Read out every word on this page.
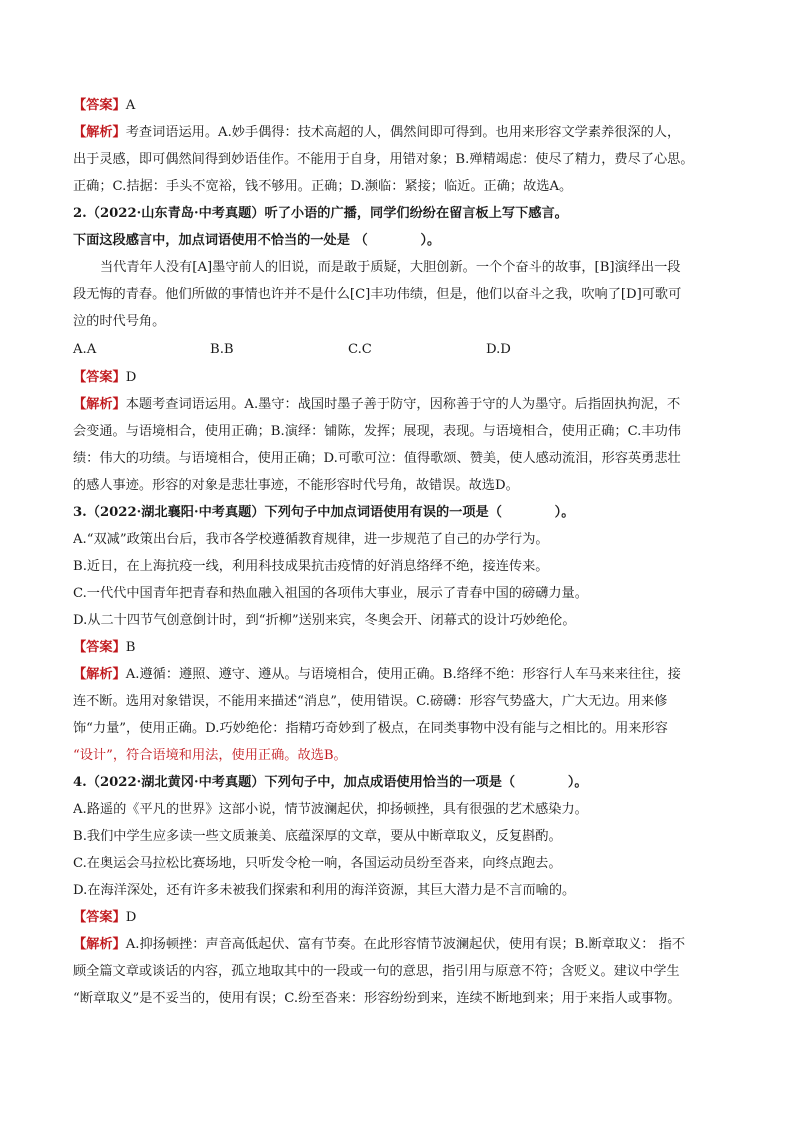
【答案】A
【解析】考查词语运用。A.妙手偶得：技术高超的人，偶然间即可得到。也用来形容文学素养很深的人，
出于灵感，即可偶然间得到妙语佳作。不能用于自身，用错对象；B.殚精竭虑：使尽了精力，费尽了心思。
正确；C.拮据：手头不宽裕，钱不够用。正确；D.濒临：紧接；临近。正确；故选A。
2.（2022·山东青岛·中考真题）听了小语的广播，同学们纷纷在留言板上写下感言。
下面这段感言中，加点词语使用不恰当的一处是 （　　　　）。
当代青年人没有[A]墨守前人的旧说，而是敢于质疑，大胆创新。一个个奋斗的故事，[B]演绎出一段
段无悔的青春。他们所做的事情也许并不是什么[C]丰功伟绩，但是，他们以奋斗之我，吹响了[D]可歌可
泣的时代号角。
A.A	B.B	C.C	D.D
【答案】D
【解析】本题考查词语运用。A.墨守：战国时墨子善于防守，因称善于守的人为墨守。后指固执拘泥，不
会变通。与语境相合，使用正确；B.演绎：铺陈，发挥；展现，表现。与语境相合，使用正确；C.丰功伟
绩：伟大的功绩。与语境相合，使用正确；D.可歌可泣：值得歌颂、赞美，使人感动流泪，形容英勇悲壮
的感人事迹。形容的对象是悲壮事迹，不能形容时代号角，故错误。故选D。
3.（2022·湖北襄阳·中考真题）下列句子中加点词语使用有误的一项是（　　　　）。
A.“双减”政策出台后，我市各学校遵循教育规律，进一步规范了自己的办学行为。
B.近日，在上海抗疫一线，利用科技成果抗击疫情的好消息络绎不绝，接连传来。
C.一代代中国青年把青春和热血融入祖国的各项伟大事业，展示了青春中国的磅礴力量。
D.从二十四节气创意倒计时，到“折柳”送别来宾，冬奥会开、闭幕式的设计巧妙绝伦。
【答案】B
【解析】A.遵循：遵照、遵守、遵从。与语境相合，使用正确。B.络绎不绝：形容行人车马来来往往，接
连不断。选用对象错误，不能用来描述“消息”，使用错误。C.磅礴：形容气势盛大，广大无边。用来修
饰“力量”，使用正确。D.巧妙绝伦：指精巧奇妙到了极点，在同类事物中没有能与之相比的。用来形容
“设计”，符合语境和用法，使用正确。故选B。
4.（2022·湖北黄冈·中考真题）下列句子中，加点成语使用恰当的一项是（　　　　）。
A.路遥的《平凡的世界》这部小说，情节波澜起伏，抑扬顿挫，具有很强的艺术感染力。
B.我们中学生应多读一些文质兼美、底蕴深厚的文章，要从中断章取义，反复斟酌。
C.在奥运会马拉松比赛场地，只听发令枪一响，各国运动员纷至沓来，向终点跑去。
D.在海洋深处，还有许多未被我们探索和利用的海洋资源，其巨大潜力是不言而喻的。
【答案】D
【解析】A.抑扬顿挫：声音高低起伏、富有节奏。在此形容情节波澜起伏，使用有误；B.断章取义： 指不
顾全篇文章或谈话的内容，孤立地取其中的一段或一句的意思，指引用与原意不符；含贬义。建议中学生
“断章取义”是不妥当的，使用有误；C.纷至沓来：形容纷纷到来，连续不断地到来；用于来指人或事物。
